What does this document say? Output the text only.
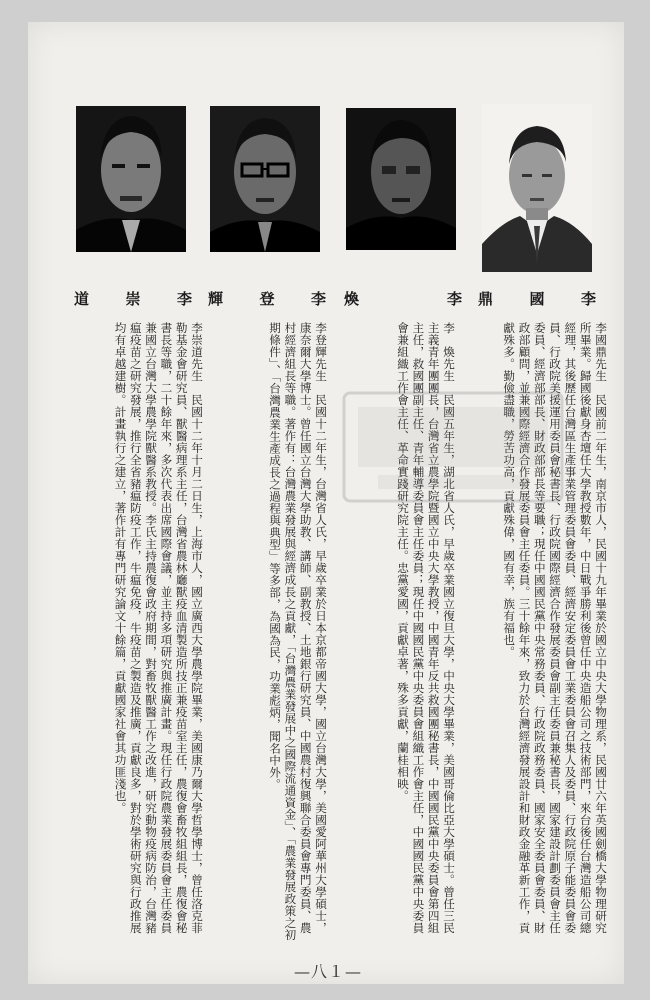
鼎 國 李
煥	李
輝 登 李
道 崇 李
李國鼎先生　民國前二年生，南京市人，民國十九年畢業於國立中央大學物理系，民國廿六年英國劍橋大學物理研究所畢業。歸國後獻身杏壇任大學教授數年，中日戰爭勝利後曾任中央造船公司之技術部門，來台後任台灣造船公司總經理，其後歷任台灣區生產事業管理委員會委員、經濟安定委員會工業委員會召集人及委員、行政院原子能委員會委員、行政院美援運用委員會秘書長、行政院國際經濟合作發展委員會副主任委員兼秘書長，國家建設計劃委員會主任委員、經濟部部長、財政部部長等要職；現任中國國民黨中央常務委員、行政院政務委員、國家安全委員會委員、財政部顧問，並兼國際經濟合作發展委員會主任委員。三十餘年來，致力於台灣經濟發展設計和財政金融革新工作，貢獻殊多。勤儉盡職，勞苦功高，貢獻殊偉，國有幸，族有福也。
李　煥先生　民國五年生，湖北省人氏，早歲卒業國立復旦大學，中央大學畢業，美國哥倫比亞大學碩士。曾任三民主義青年團團長，台灣省立農學院暨國立中央大學教授，中國青年反共救國團秘書長，中國國民黨中央委員會第四組主任，救國團副主任、青年輔導委員會主任委員；現任中國國民黨中央委員會組織工作會主任，中國國民黨中央委員會兼組織工作會主任、革命實踐研究院主任。忠黨愛國，貢獻卓著，殊多貢獻，蘭桂相映。
李登輝先生　民國十二年生，台灣省人氏，早歲卒業於日本京都帝國大學，國立台灣大學，美國愛阿華州大學碩士，康奈爾大學博士。曾任國立台灣大學助教、講師、副教授、土地銀行研究員、中國農村復興聯合委員會專門委員、農村經濟組長等職。著作有：台灣農業發展與經濟成長之貢獻，「台灣農業發展中之國際流通資金」、「農業發展政策之初期條件」、「台灣農業生產成長之過程與典型」等多部，為國為民，功業彪炳，聞名中外。
李崇道先生　民國十二年十月二日生，上海市人，國立廣西大學農學院畢業，美國康乃爾大學哲學博士，曾任洛克菲勒基金會研究員、獸醫病理系主任，台灣省農林廳獸疫血清製造所技正兼疫苗室主任，農復會畜牧組組長，農復會秘書長等職，二十餘年來，多次代表出席國際會議，並主持多項研究與推廣計畫。現任行政院農業發展委員會主任委員兼國立台灣大學農學院獸醫系教授。李氏主持農復會政府期間，對畜牧獸醫工作之改進，研究動物疫病防治，台灣豬瘟疫苗之研究發展，推行全省豬瘟防疫工作，牛瘟免疫，牛疫苗之製造及推廣，貢獻良多，對於學術研究與行政推展均有卓越建樹。計畫執行之建立，著作計有專門研究論文十餘篇，貢獻國家社會其功匪淺也。
—八１—
